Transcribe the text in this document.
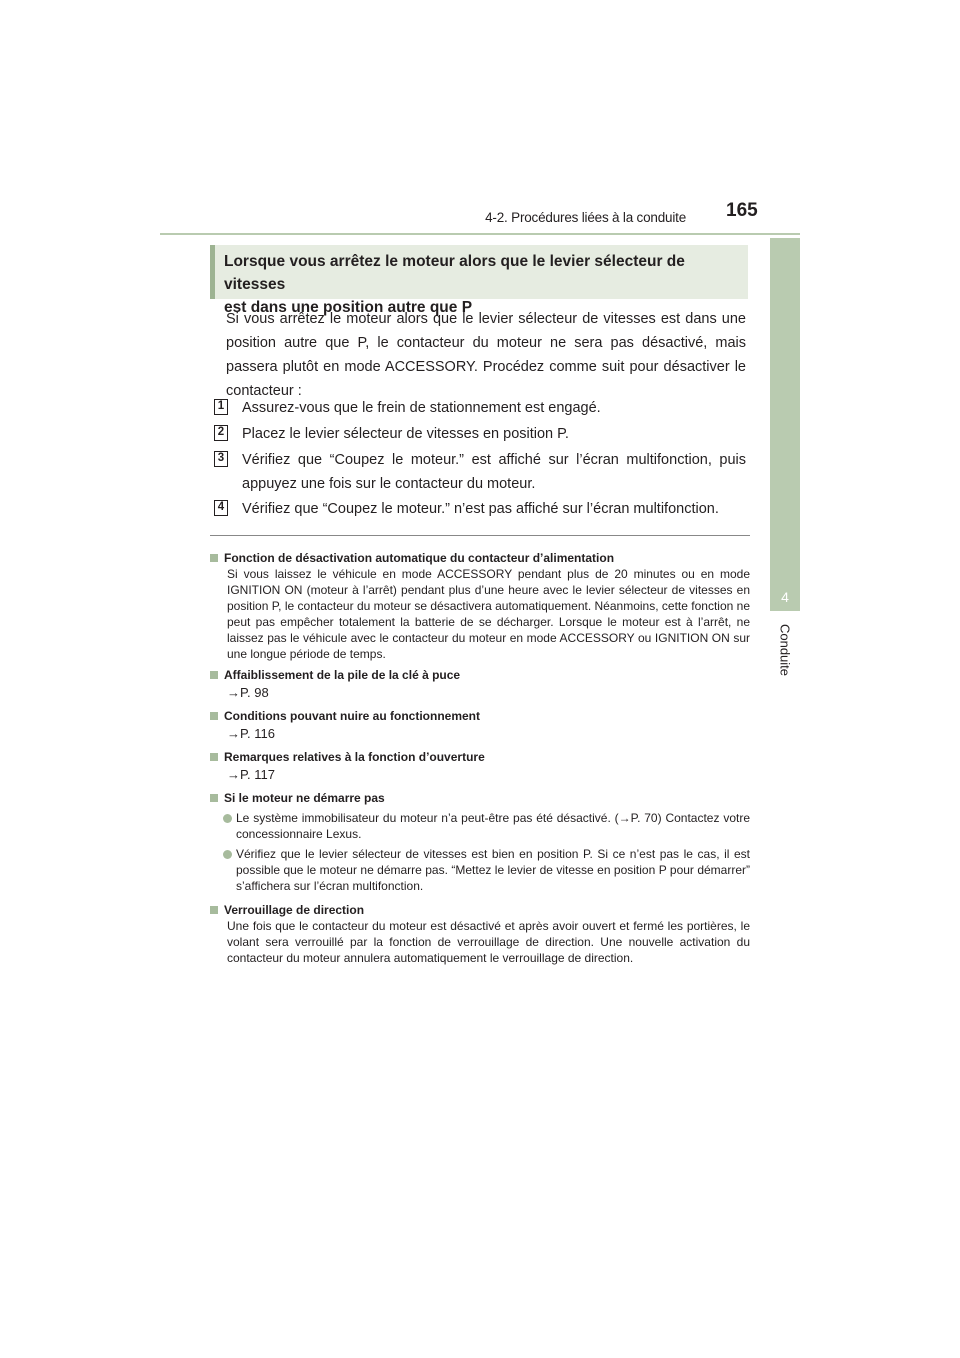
4-2. Procédures liées à la conduite 165
4
Conduite
Lorsque vous arrêtez le moteur alors que le levier sélecteur de vitesses
est dans une position autre que P
Si vous arrêtez le moteur alors que le levier sélecteur de vitesses est dans une position autre que P, le contacteur du moteur ne sera pas désactivé, mais passera plutôt en mode ACCESSORY. Procédez comme suit pour désactiver le contacteur :
1 Assurez-vous que le frein de stationnement est engagé.
2 Placez le levier sélecteur de vitesses en position P.
3 Vérifiez que “Coupez le moteur.” est affiché sur l’écran multifonction, puis appuyez une fois sur le contacteur du moteur.
4 Vérifiez que “Coupez le moteur.” n’est pas affiché sur l’écran multifonction.
Fonction de désactivation automatique du contacteur d’alimentation
Si vous laissez le véhicule en mode ACCESSORY pendant plus de 20 minutes ou en mode IGNITION ON (moteur à l’arrêt) pendant plus d’une heure avec le levier sélecteur de vitesses en position P, le contacteur du moteur se désactivera automatiquement. Néanmoins, cette fonction ne peut pas empêcher totalement la batterie de se décharger. Lorsque le moteur est à l’arrêt, ne laissez pas le véhicule avec le contacteur du moteur en mode ACCESSORY ou IGNITION ON sur une longue période de temps.
Affaiblissement de la pile de la clé à puce
→P. 98
Conditions pouvant nuire au fonctionnement
→P. 116
Remarques relatives à la fonction d’ouverture
→P. 117
Si le moteur ne démarre pas
Le système immobilisateur du moteur n’a peut-être pas été désactivé. (→P. 70) Contactez votre concessionnaire Lexus.
Vérifiez que le levier sélecteur de vitesses est bien en position P. Si ce n’est pas le cas, il est possible que le moteur ne démarre pas. “Mettez le levier de vitesse en position P pour démarrer” s’affichera sur l’écran multifonction.
Verrouillage de direction
Une fois que le contacteur du moteur est désactivé et après avoir ouvert et fermé les portières, le volant sera verrouillé par la fonction de verrouillage de direction. Une nouvelle activation du contacteur du moteur annulera automatiquement le verrouillage de direction.
